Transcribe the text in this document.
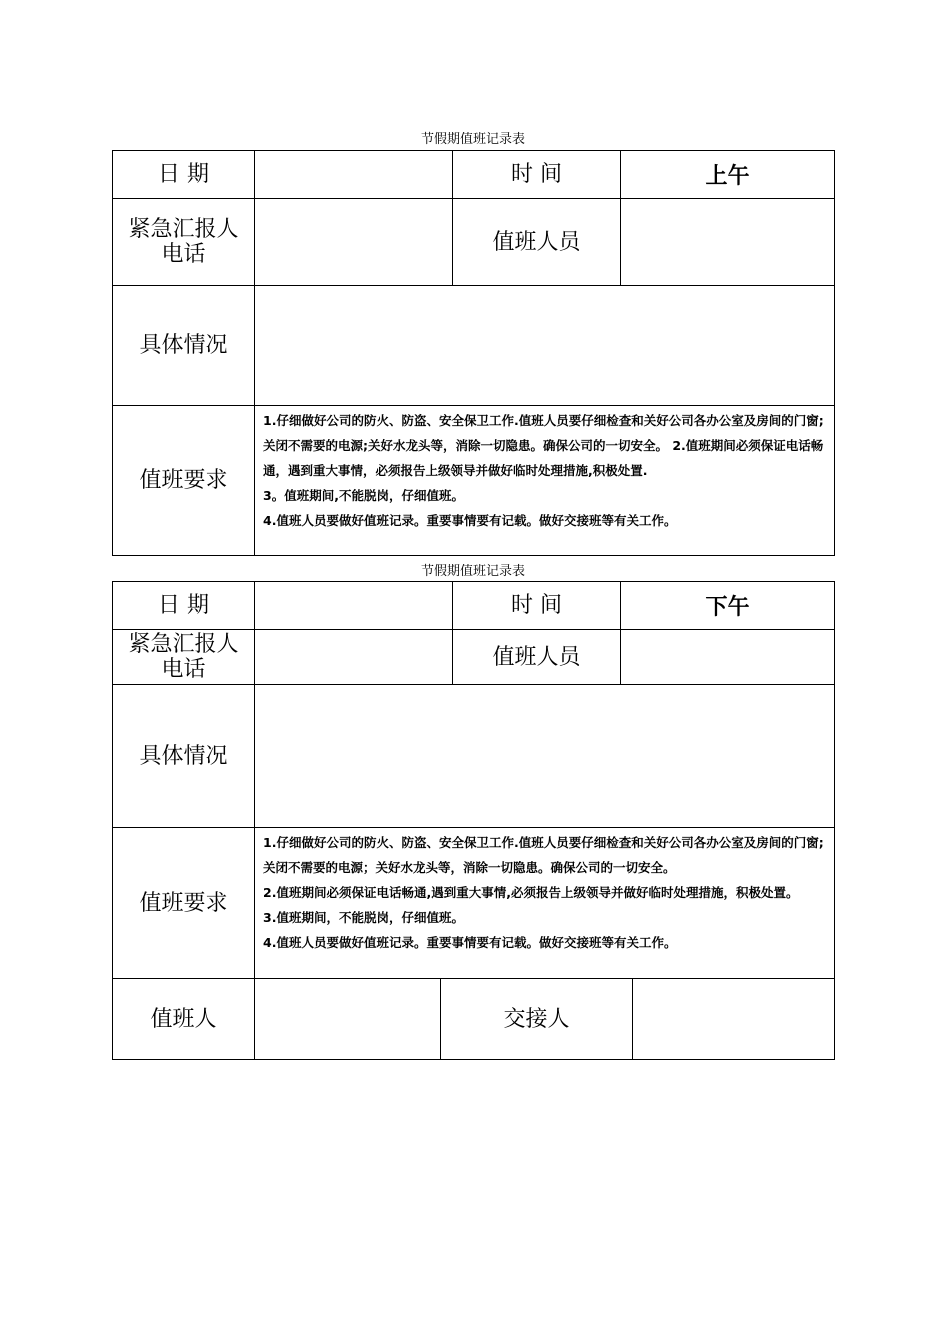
节假期值班记录表
日 期		时 间	上午

紧急汇报人
电话		值班人员	
具体情况			
值班要求	1.仔细做好公司的防火、防盗、安全保卫工作.值班人员要仔细检查和关好公司各办公室及房间的门窗;关闭不需要的电源;关好水龙头等，消除一切隐患。确保公司的一切安全。 2.值班期间必须保证电话畅通，遇到重大事情，必须报告上级领导并做好临时处理措施,积极处置.

3。值班期间,不能脱岗，仔细值班。

4.值班人员要做好值班记录。重要事情要有记载。做好交接班等有关工作。		

节假期值班记录表
日 期			时 间	下午	

紧急汇报人
电话			值班人员		
具体情况					
值班要求	1.仔细做好公司的防火、防盗、安全保卫工作.值班人员要仔细检查和关好公司各办公室及房间的门窗;关闭不需要的电源；关好水龙头等，消除一切隐患。确保公司的一切安全。

2.值班期间必须保证电话畅通,遇到重大事情,必须报告上级领导并做好临时处理措施，积极处置。

3.值班期间，不能脱岗，仔细值班。

4.值班人员要做好值班记录。重要事情要有记载。做好交接班等有关工作。				

值班人		交接人			
